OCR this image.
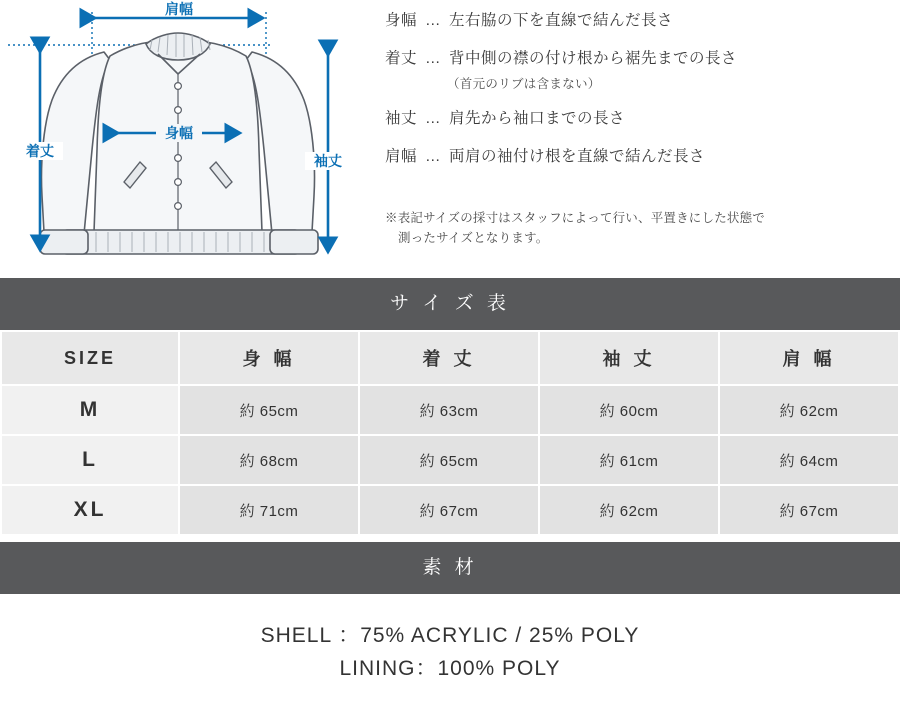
肩幅
身幅
着丈
袖丈
身幅 … 左右脇の下を直線で結んだ長さ
着丈 … 背中側の襟の付け根から裾先までの長さ
（首元のリブは含まない）
袖丈 … 肩先から袖口までの長さ
肩幅 … 両肩の袖付け根を直線で結んだ長さ
※表記サイズの採寸はスタッフによって行い、平置きにした状態で
測ったサイズとなります。
サ イ ズ 表
SIZE	身 幅	着 丈	袖 丈	肩 幅
M	約 65cm	約 63cm	約 60cm	約 62cm
L	約 68cm	約 65cm	約 61cm	約 64cm
XL	約 71cm	約 67cm	約 62cm	約 67cm
素 材
SHELL ：75% ACRYLIC / 25% POLY
LINING：100% POLY
